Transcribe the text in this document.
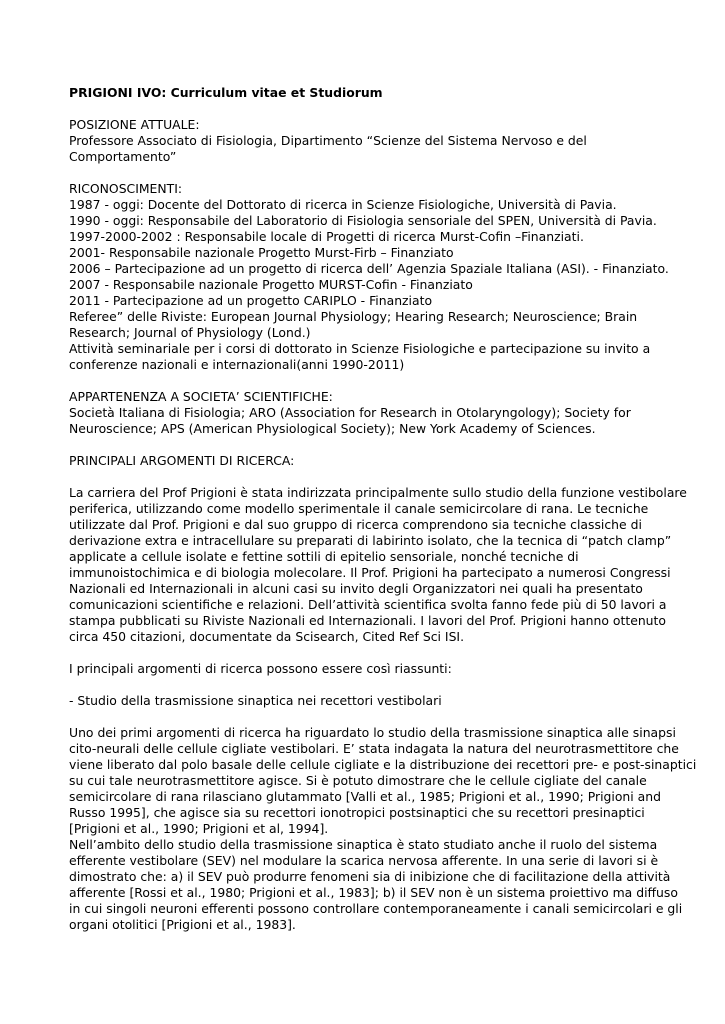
PRIGIONI IVO: Curriculum vitae et Studiorum

POSIZIONE ATTUALE:

Professore Associato di Fisiologia, Dipartimento “Scienze del Sistema Nervoso e del

Comportamento”

RICONOSCIMENTI:

1987 - oggi: Docente del Dottorato di ricerca in Scienze Fisiologiche, Università di Pavia.

1990 - oggi: Responsabile del Laboratorio di Fisiologia sensoriale del SPEN, Università di Pavia.

1997-2000-2002 : Responsabile locale di Progetti di ricerca Murst-Cofin –Finanziati.

2001- Responsabile nazionale Progetto Murst-Firb – Finanziato

2006 – Partecipazione ad un progetto di ricerca dell’ Agenzia Spaziale Italiana (ASI). - Finanziato.

2007 - Responsabile nazionale Progetto MURST-Cofin - Finanziato

2011 - Partecipazione ad un progetto CARIPLO - Finanziato

Referee” delle Riviste: European Journal Physiology; Hearing Research; Neuroscience; Brain

Research; Journal of Physiology (Lond.)

Attività seminariale per i corsi di dottorato in Scienze Fisiologiche e partecipazione su invito a

conferenze nazionali e internazionali(anni 1990-2011)

APPARTENENZA A SOCIETA’ SCIENTIFICHE:

Società Italiana di Fisiologia; ARO (Association for Research in Otolaryngology); Society for

Neuroscience; APS (American Physiological Society); New York Academy of Sciences.

PRINCIPALI ARGOMENTI DI RICERCA:

La carriera del Prof Prigioni è stata indirizzata principalmente sullo studio della funzione vestibolare

periferica, utilizzando come modello sperimentale il canale semicircolare di rana. Le tecniche

utilizzate dal Prof. Prigioni e dal suo gruppo di ricerca comprendono sia tecniche classiche di

derivazione extra e intracellulare su preparati di labirinto isolato, che la tecnica di “patch clamp”

applicate a cellule isolate e fettine sottili di epitelio sensoriale, nonché tecniche di

immunoistochimica e di biologia molecolare. Il Prof. Prigioni ha partecipato a numerosi Congressi

Nazionali ed Internazionali in alcuni casi su invito degli Organizzatori nei quali ha presentato

comunicazioni scientifiche e relazioni. Dell’attività scientifica svolta fanno fede più di 50 lavori a

stampa pubblicati su Riviste Nazionali ed Internazionali. I lavori del Prof. Prigioni hanno ottenuto

circa 450 citazioni, documentate da Scisearch, Cited Ref Sci ISI.

I principali argomenti di ricerca possono essere così riassunti:

- Studio della trasmissione sinaptica nei recettori vestibolari

Uno dei primi argomenti di ricerca ha riguardato lo studio della trasmissione sinaptica alle sinapsi

cito-neurali delle cellule cigliate vestibolari. E’ stata indagata la natura del neurotrasmettitore che

viene liberato dal polo basale delle cellule cigliate e la distribuzione dei recettori pre- e post-sinaptici

su cui tale neurotrasmettitore agisce. Si è potuto dimostrare che le cellule cigliate del canale

semicircolare di rana rilasciano glutammato [Valli et al., 1985; Prigioni et al., 1990; Prigioni and

Russo 1995], che agisce sia su recettori ionotropici postsinaptici che su recettori presinaptici

[Prigioni et al., 1990; Prigioni et al, 1994].

Nell’ambito dello studio della trasmissione sinaptica è stato studiato anche il ruolo del sistema

efferente vestibolare (SEV) nel modulare la scarica nervosa afferente. In una serie di lavori si è

dimostrato che: a) il SEV può produrre fenomeni sia di inibizione che di facilitazione della attività

afferente [Rossi et al., 1980; Prigioni et al., 1983]; b) il SEV non è un sistema proiettivo ma diffuso

in cui singoli neuroni efferenti possono controllare contemporaneamente i canali semicircolari e gli

organi otolitici [Prigioni et al., 1983].
